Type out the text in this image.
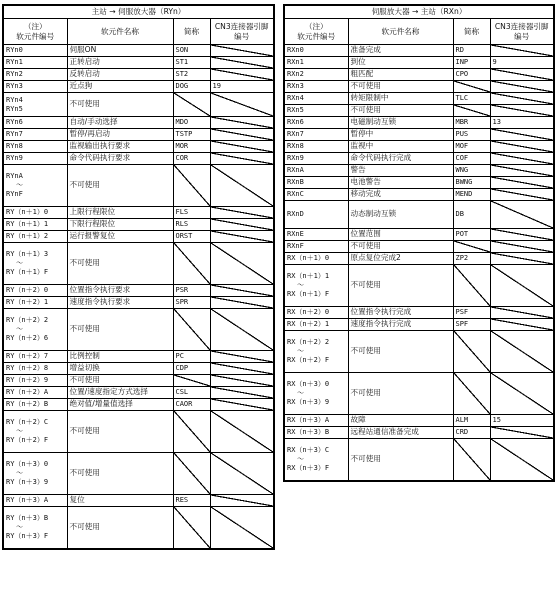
主站 → 伺服放大器（RYn）			
（注）
软元件编号	软元件名称	简称	CN3连接器引脚编号

RYn0	伺服ON	SON	

RYn1	正转启动	ST1	

RYn2	反转启动	ST2	

RYn3	近点狗	DOG	19

RYn4
RYn5	不可使用		

RYn6	自动/手动选择	MDO	

RYn7	暂停/再启动	TSTP	

RYn8	监视输出执行要求	MOR	

RYn9	命令代码执行要求	COR	

RYnA
～
RYnF	不可使用		

RY（n＋1）0	上限行程限位	FLS	

RY（n＋1）1	下限行程限位	RLS	

RY（n＋1）2	运行报警复位	ORST	

RY（n＋1）3
～
RY（n＋1）F	不可使用		

RY（n＋2）0	位置指令执行要求	PSR	

RY（n＋2）1	速度指令执行要求	SPR	

RY（n＋2）2
～
RY（n＋2）6	不可使用		

RY（n＋2）7	比例控制	PC	

RY（n＋2）8	增益切换	CDP	

RY（n＋2）9	不可使用		

RY（n＋2）A	位置/速度指定方式选择	CSL	

RY（n＋2）B	绝对值/增量值选择	CAOR	

RY（n＋2）C
～
RY（n＋2）F	不可使用		

RY（n＋3）0
～
RY（n＋3）9	不可使用		

RY（n＋3）A	复位	RES	

RY（n＋3）B
～
RY（n＋3）F	不可使用		
伺服放大器 → 主站（RXn）			
（注）
软元件编号	软元件名称	简称	CN3连接器引脚编号

RXn0	准备完成	RD	

RXn1	到位	INP	9

RXn2	粗匹配	CPO	

RXn3	不可使用		

RXn4	转矩限制中	TLC	

RXn5	不可使用		

RXn6	电磁制动互锁	MBR	13

RXn7	暂停中	PUS	

RXn8	监视中	MOF	

RXn9	命令代码执行完成	COF	

RXnA	警告	WNG	

RXnB	电池警告	BWNG	

RXnC	移动完成	MEND	

RXnD	动态制动互锁	DB	

RXnE	位置范围	POT	

RXnF	不可使用		

RX（n＋1）0	原点复位完成2	ZP2	

RX（n＋1）1
～
RX（n＋1）F	不可使用		

RX（n＋2）0	位置指令执行完成	PSF	

RX（n＋2）1	速度指令执行完成	SPF	

RX（n＋2）2
～
RX（n＋2）F	不可使用		

RX（n＋3）0
～
RX（n＋3）9	不可使用		

RX（n＋3）A	故障	ALM	15

RX（n＋3）B	远程站通信准备完成	CRD	

RX（n＋3）C
～
RX（n＋3）F	不可使用		
